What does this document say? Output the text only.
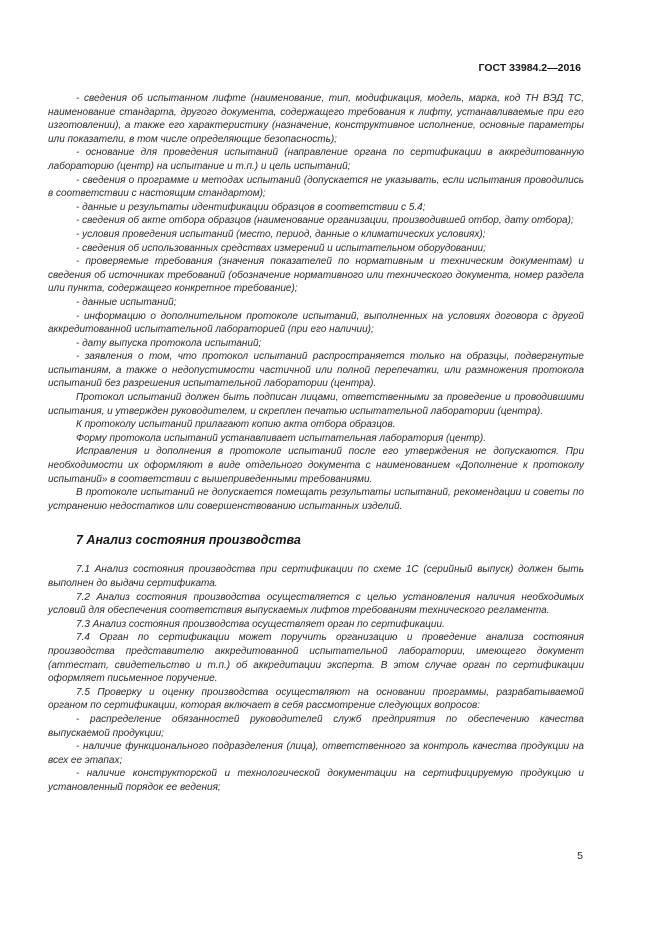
ГОСТ 33984.2—2016

- сведения об испытанном лифте (наименование, тип, модификация, модель, марка, код ТН ВЭД ТС, наименование стандарта, другого документа, содержащего требования к лифту, устанавливаемые при его изготовлении), а также его характеристику (назначение, конструктивное исполнение, основные параметры или показатели, в том числе определяющие безопасность);

- основание для проведения испытаний (направление органа по сертификации в аккредитованную лабораторию (центр) на испытание и т.п.) и цель испытаний;

- сведения о программе и методах испытаний (допускается не указывать, если испытания проводились в соответствии с настоящим стандартом);

- данные и результаты идентификации образцов в соответствии с 5.4;

- сведения об акте отбора образцов (наименование организации, производившей отбор, дату отбора);

- условия проведения испытаний (место, период, данные о климатических условиях);

- сведения об использованных средствах измерений и испытательном оборудовании;

- проверяемые требования (значения показателей по нормативным и техническим документам) и сведения об источниках требований (обозначение нормативного или технического документа, номер раздела или пункта, содержащего конкретное требование);

- данные испытаний;

- информацию о дополнительном протоколе испытаний, выполненных на условиях договора с другой аккредитованной испытательной лабораторией (при его наличии);

- дату выпуска протокола испытаний;

- заявления о том, что протокол испытаний распространяется только на образцы, подвергнутые испытаниям, а также о недопустимости частичной или полной перепечатки, или размножения протокола испытаний без разрешения испытательной лаборатории (центра).

Протокол испытаний должен быть подписан лицами, ответственными за проведение и проводившими испытания, и утвержден руководителем, и скреплен печатью испытательной лаборатории (центра).

К протоколу испытаний прилагают копию акта отбора образцов.

Форму протокола испытаний устанавливает испытательная лаборатория (центр).

Исправления и дополнения в протоколе испытаний после его утверждения не допускаются. При необходимости их оформляют в виде отдельного документа с наименованием «Дополнение к протоколу испытаний» в соответствии с вышеприведенными требованиями.

В протоколе испытаний не допускается помещать результаты испытаний, рекомендации и советы по устранению недостатков или совершенствованию испытанных изделий.

7 Анализ состояния производства

7.1 Анализ состояния производства при сертификации по схеме 1С (серийный выпуск) должен быть выполнен до выдачи сертификата.

7.2 Анализ состояния производства осуществляется с целью установления наличия необходимых условий для обеспечения соответствия выпускаемых лифтов требованиям технического регламента.

7.3 Анализ состояния производства осуществляет орган по сертификации.

7.4 Орган по сертификации может поручить организацию и проведение анализа состояния производства представителю аккредитованной испытательной лаборатории, имеющего документ (аттестат, свидетельство и т.п.) об аккредитации эксперта. В этом случае орган по сертификации оформляет письменное поручение.

7.5 Проверку и оценку производства осуществляют на основании программы, разрабатываемой органом по сертификации, которая включает в себя рассмотрение следующих вопросов:

- распределение обязанностей руководителей служб предприятия по обеспечению качества выпускаемой продукции;

- наличие функционального подразделения (лица), ответственного за контроль качества продукции на всех ее этапах;

- наличие конструкторской и технологической документации на сертифицируемую продукцию и установленный порядок ее ведения;

5
